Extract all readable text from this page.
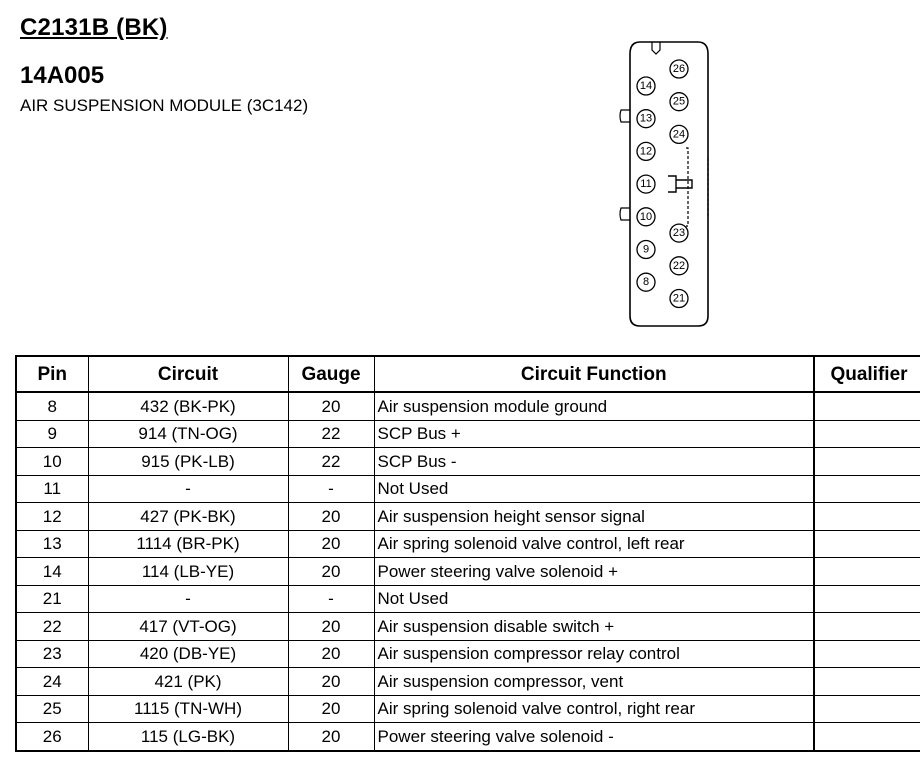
C2131B (BK)
14A005

AIR SUSPENSION MODULE (3C142)

14
13
12
11
10
9
8
26
25
24
23
22
21
Pin	Circuit	Gauge	Circuit Function	Qualifier
8	432 (BK-PK)	20	Air suspension module ground	
9	914 (TN-OG)	22	SCP Bus +	
10	915 (PK-LB)	22	SCP Bus -	
11	-	-	Not Used	
12	427 (PK-BK)	20	Air suspension height sensor signal	
13	1114 (BR-PK)	20	Air spring solenoid valve control, left rear	
14	114 (LB-YE)	20	Power steering valve solenoid +	
21	-	-	Not Used	
22	417 (VT-OG)	20	Air suspension disable switch +	
23	420 (DB-YE)	20	Air suspension compressor relay control	
24	421 (PK)	20	Air suspension compressor, vent	
25	1115 (TN-WH)	20	Air spring solenoid valve control, right rear	
26	115 (LG-BK)	20	Power steering valve solenoid -	
